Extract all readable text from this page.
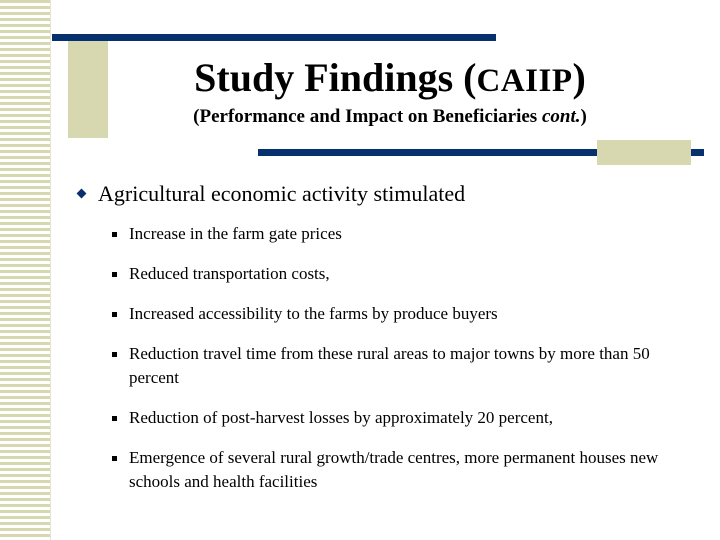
Study Findings (CAIIP)
(Performance and Impact on Beneficiaries cont.)
Agricultural economic activity stimulated
Increase in the farm gate prices
Reduced transportation costs,
Increased accessibility to the farms by produce buyers
Reduction travel time from these rural areas to major towns by more than 50 percent
Reduction of post-harvest losses by approximately 20 percent,
Emergence of several rural growth/trade centres, more permanent houses new schools and health facilities
